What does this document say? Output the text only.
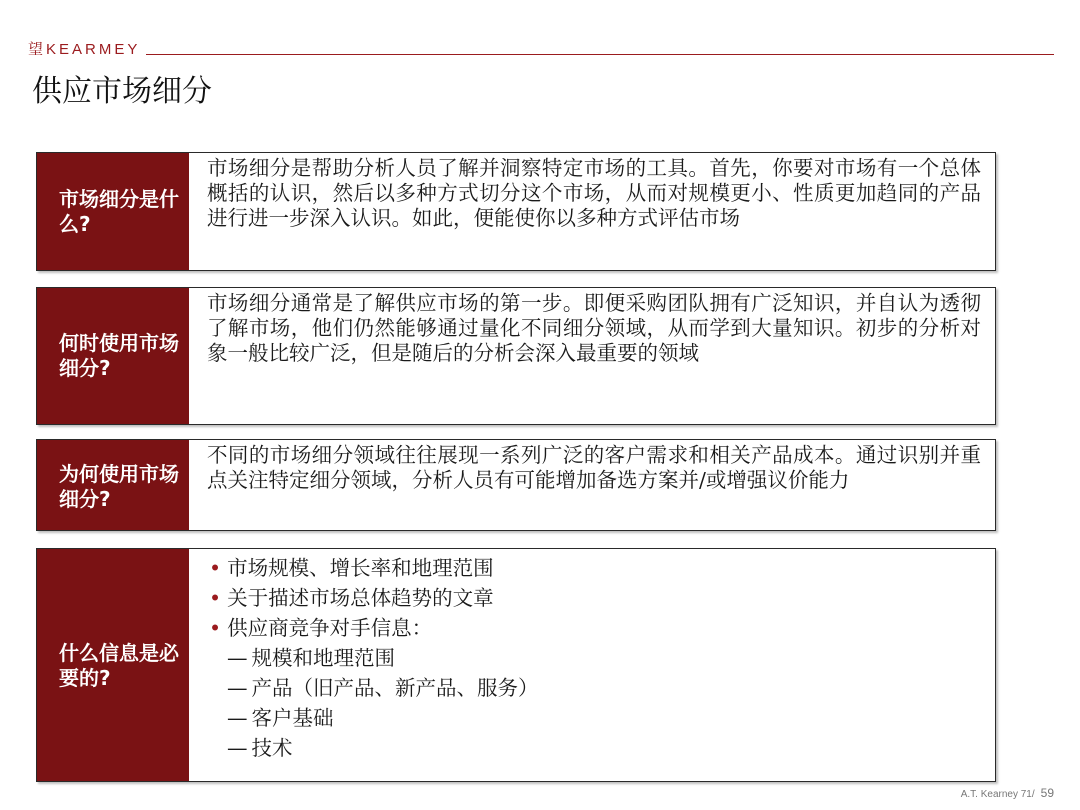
望KEARMEY
供应市场细分
市场细分是什么?
市场细分是帮助分析人员了解并洞察特定市场的工具。首先，你要对市场有一个总体概括的认识，然后以多种方式切分这个市场，从而对规模更小、性质更加趋同的产品进行进一步深入认识。如此，便能使你以多种方式评估市场
何时使用市场细分?
市场细分通常是了解供应市场的第一步。即便采购团队拥有广泛知识，并自认为透彻了解市场，他们仍然能够通过量化不同细分领域，从而学到大量知识。初步的分析对象一般比较广泛，但是随后的分析会深入最重要的领域
为何使用市场细分?
不同的市场细分领域往往展现一系列广泛的客户需求和相关产品成本。通过识别并重点关注特定细分领域，分析人员有可能增加备选方案并/或增强议价能力
什么信息是必要的?
• 市场规模、增长率和地理范围
• 关于描述市场总体趋势的文章
• 供应商竞争对手信息：
— 规模和地理范围
— 产品（旧产品、新产品、服务）
— 客户基础
— 技术
A.T. Kearney 71/ 59
